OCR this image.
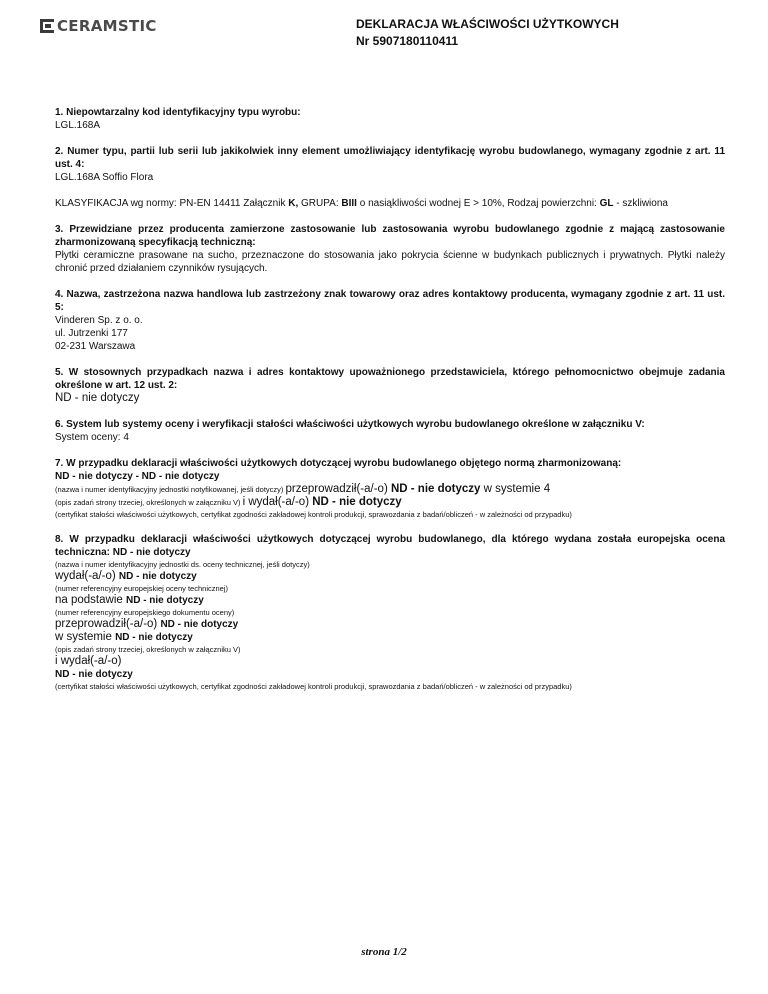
CERAMSTIC	DEKLARACJA WŁAŚCIWOŚCI UŻYTKOWYCH
Nr 5907180110411
1. Niepowtarzalny kod identyfikacyjny typu wyrobu:
LGL.168A
2. Numer typu, partii lub serii lub jakikolwiek inny element umożliwiający identyfikację wyrobu budowlanego, wymagany zgodnie z art. 11 ust. 4:
LGL.168A Soffio Flora
KLASYFIKACJA wg normy: PN-EN 14411 Załącznik K, GRUPA: BIII o nasiąkliwości wodnej E > 10%, Rodzaj powierzchni: GL - szkliwiona
3. Przewidziane przez producenta zamierzone zastosowanie lub zastosowania wyrobu budowlanego zgodnie z mającą zastosowanie zharmonizowaną specyfikacją techniczną:
Płytki ceramiczne prasowane na sucho, przeznaczone do stosowania jako pokrycia ścienne w budynkach publicznych i prywatnych. Płytki należy chronić przed działaniem czynników rysujących.
4. Nazwa, zastrzeżona nazwa handlowa lub zastrzeżony znak towarowy oraz adres kontaktowy producenta, wymagany zgodnie z art. 11 ust. 5:
Vinderen Sp. z o. o.
ul. Jutrzenki 177
02-231 Warszawa
5. W stosownych przypadkach nazwa i adres kontaktowy upoważnionego przedstawiciela, którego pełnomocnictwo obejmuje zadania określone w art. 12 ust. 2:
ND - nie dotyczy
6. System lub systemy oceny i weryfikacji stałości właściwości użytkowych wyrobu budowlanego określone w załączniku V:
System oceny: 4
7. W przypadku deklaracji właściwości użytkowych dotyczącej wyrobu budowlanego objętego normą zharmonizowaną:
ND - nie dotyczy - ND - nie dotyczy
(nazwa i numer identyfikacyjny jednostki notyfikowanej, jeśli dotyczy) przeprowadził(-a/-o) ND - nie dotyczy w systemie 4
(opis zadań strony trzeciej, określonych w załączniku V) i wydał(-a/-o) ND - nie dotyczy
(certyfikat stałości właściwości użytkowych, certyfikat zgodności zakładowej kontroli produkcji, sprawozdania z badań/obliczeń - w zależności od przypadku)
8. W przypadku deklaracji właściwości użytkowych dotyczącej wyrobu budowlanego, dla którego wydana została europejska ocena techniczna: ND - nie dotyczy
(nazwa i numer identyfikacyjny jednostki ds. oceny technicznej, jeśli dotyczy)
wydał(-a/-o) ND - nie dotyczy
(numer referencyjny europejskiej oceny technicznej)
na podstawie ND - nie dotyczy
(numer referencyjny europejskiego dokumentu oceny)
przeprowadził(-a/-o) ND - nie dotyczy
w systemie ND - nie dotyczy
(opis zadań strony trzeciej, określonych w załączniku V)
i wydał(-a/-o)
ND - nie dotyczy
(certyfikat stałości właściwości użytkowych, certyfikat zgodności zakładowej kontroli produkcji, sprawozdania z badań/obliczeń - w zależności od przypadku)
strona 1/2
